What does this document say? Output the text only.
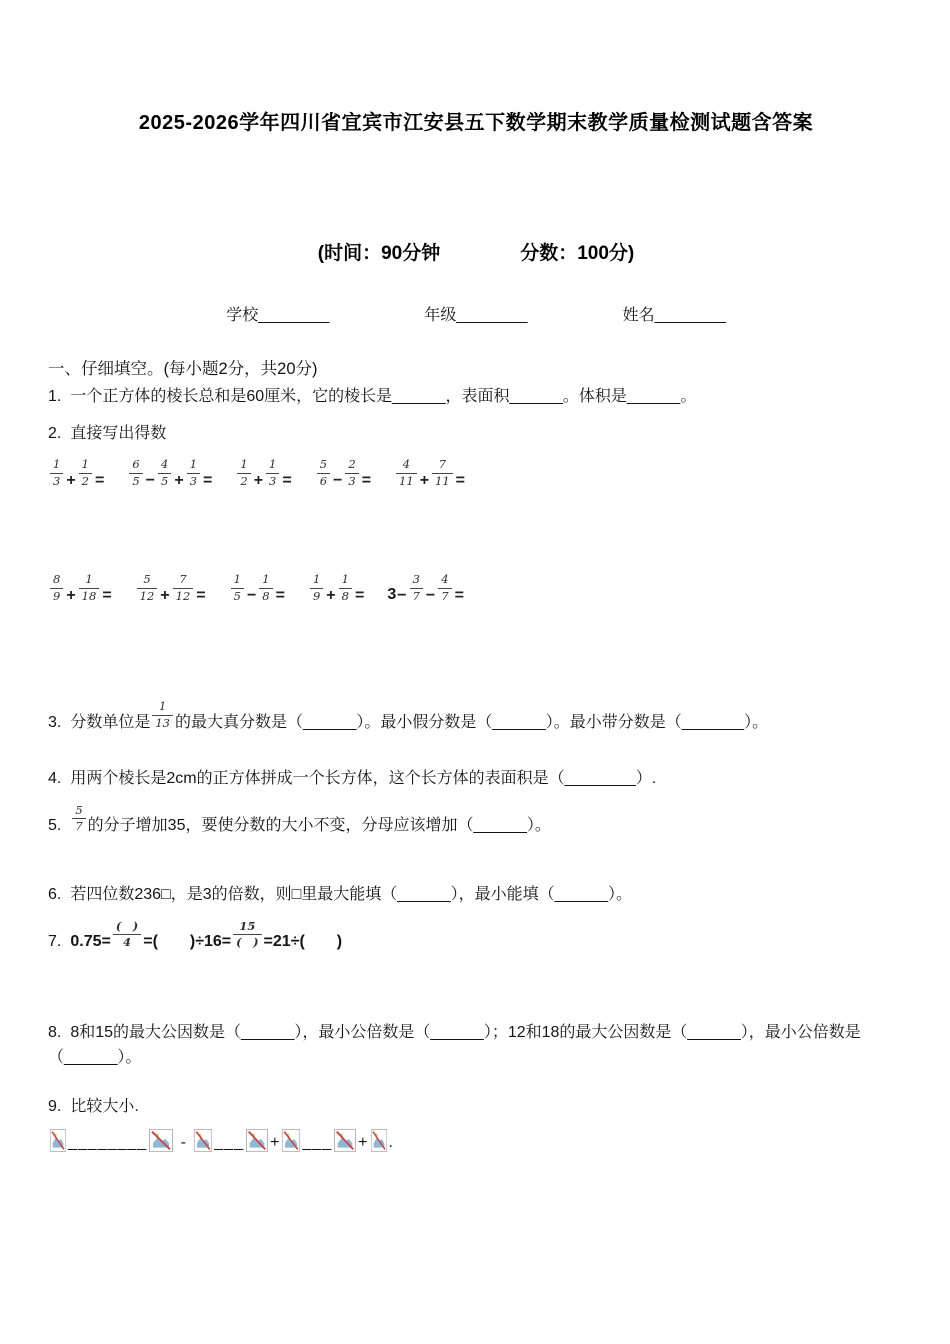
2025-2026学年四川省宜宾市江安县五下数学期末教学质量检测试题含答案
(时间：90分钟	分数：100分)
学校________	年级________	姓名________
一、仔细填空。(每小题2分，共20分)
1. 一个正方体的棱长总和是60厘米，它的棱长是______，表面积______。体积是______。
2. 直接写出得数
$\frac{1}{3} + \frac{1}{2} = \frac{6}{5} - \frac{4}{5} + \frac{1}{3} = \frac{1}{2} + \frac{1}{3} = \frac{5}{6} - \frac{2}{3} = \frac{4}{11} + \frac{7}{11}$ =
$\frac{8}{9} + \frac{1}{18} = \frac{5}{12} + \frac{7}{12} = \frac{1}{5} - \frac{1}{8} = \frac{1}{9} + \frac{1}{8} = 3- \frac{3}{7} - \frac{4}{7}$ =
3. 分数单位是 $\frac{1}{13}$ 的最大真分数是（______）。最小假分数是（______）。最小带分数是（_______）。
4. 用两个棱长是2cm的正方体拼成一个长方体，这个长方体的表面积是（________）.
5. $\frac{5}{7}$ 的分子增加35，要使分数的大小不变，分母应该增加（______）。
6. 若四位数236□，是3的倍数，则□里最大能填（______），最小能填（______）。
7. $0.75= \frac{( )}{4}$ =(　　)$\div 16= \frac{15}{( )} =21\div$(　　)
8. 8和15的最大公因数是（______），最小公倍数是（______）；12和18的最大公因数是（______），最小公倍数是（______）。
9. 比较大小.
________
-
___ + ___ + .
